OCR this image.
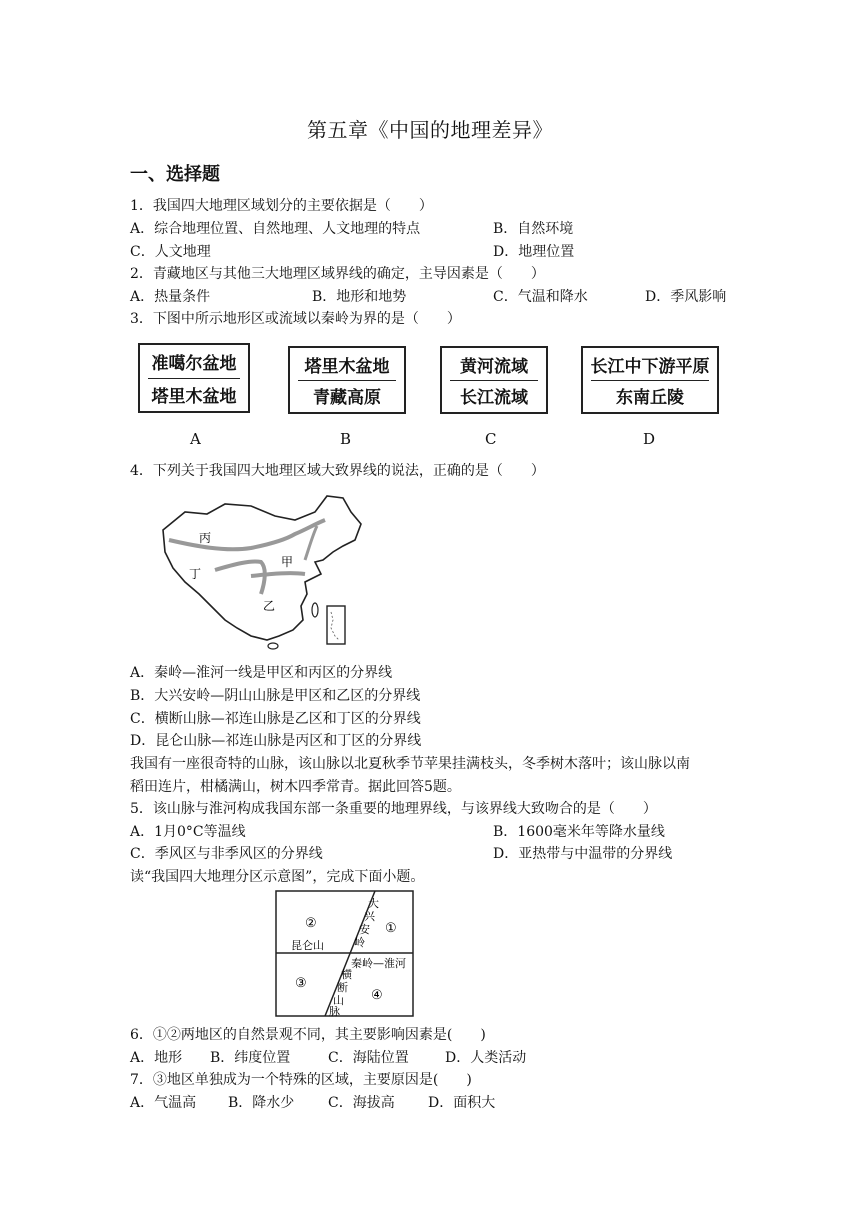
第五章《中国的地理差异》
一、选择题
1．我国四大地理区域划分的主要依据是（　　）
A．综合地理位置、自然地理、人文地理的特点	B．自然环境
C．人文地理	D．地理位置
2．青藏地区与其他三大地理区域界线的确定，主导因素是（　　）
A．热量条件	B．地形和地势	C．气温和降水	D．季风影响
3．下图中所示地形区或流域以秦岭为界的是（　　）
准噶尔盆地
塔里木盆地
塔里木盆地
青藏高原
黄河流域
长江流域
长江中下游平原
东南丘陵
A	B	C	D
4．下列关于我国四大地理区域大致界线的说法，正确的是（　　）
丙
丁
甲
乙
A．秦岭—淮河一线是甲区和丙区的分界线
B．大兴安岭—阴山山脉是甲区和乙区的分界线
C．横断山脉—祁连山脉是乙区和丁区的分界线
D．昆仑山脉—祁连山脉是丙区和丁区的分界线
我国有一座很奇特的山脉，该山脉以北夏秋季节苹果挂满枝头，冬季树木落叶；该山脉以南
稻田连片，柑橘满山，树木四季常青。据此回答5题。
5．该山脉与淮河构成我国东部一条重要的地理界线，与该界线大致吻合的是（　　）
A．1月0°C等温线	B．1600毫米年等降水量线
C．季风区与非季风区的分界线	D．亚热带与中温带的分界线
读“我国四大地理分区示意图”，完成下面小题。
②	①
③
④
昆仑山
大
兴
安
岭
秦岭—淮河
横
断
山
脉
6．①②两地区的自然景观不同，其主要影响因素是(　　)
A．地形 B．纬度位置	C．海陆位置	D．人类活动
7．③地区单独成为一个特殊的区域，主要原因是(　　)
A．气温高 B．降水少 C．海拔高 D．面积大
